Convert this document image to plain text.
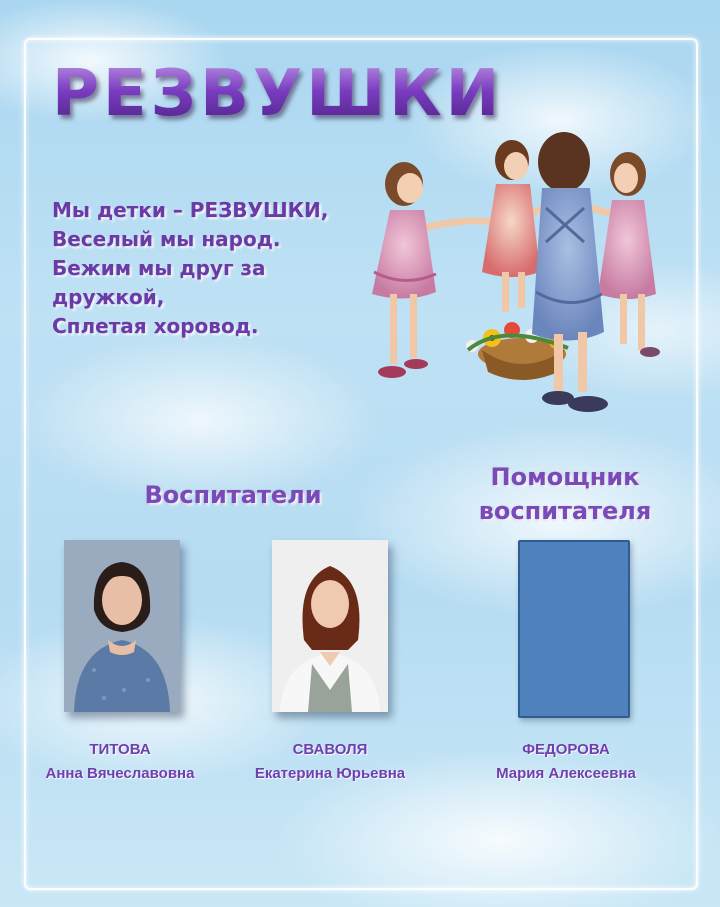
РЕЗВУШКИ
Мы детки – РЕЗВУШКИ,
Веселый мы народ.
Бежим мы друг за
дружкой,
Сплетая хоровод.
Воспитатели
Помощник
воспитателя
ТИТОВА
Анна Вячеславовна
СВАВОЛЯ
Екатерина Юрьевна
ФЕДОРОВА
Мария Алексеевна
